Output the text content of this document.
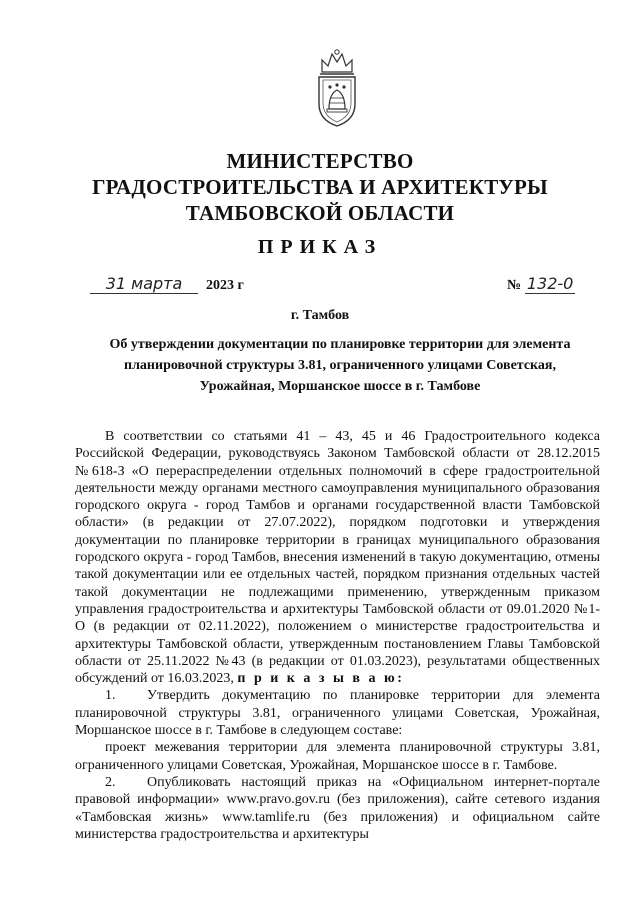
МИНИСТЕРСТВО
ГРАДОСТРОИТЕЛЬСТВА И АРХИТЕКТУРЫ
ТАМБОВСКОЙ ОБЛАСТИ
ПРИКАЗ
31 марта 2023 г	№ 132-0
г. Тамбов
Об утверждении документации по планировке территории для элемента
планировочной структуры 3.81, ограниченного улицами Советская,
Урожайная, Моршанское шоссе в г. Тамбове

В соответствии со статьями 41 – 43, 45 и 46 Градостроительного кодекса Российской Федерации, руководствуясь Законом Тамбовской области от 28.12.2015 №618-З «О перераспределении отдельных полномочий в сфере градостроительной деятельности между органами местного самоуправления муниципального образования городского округа - город Тамбов и органами государственной власти Тамбовской области» (в редакции от 27.07.2022), порядком подготовки и утверждения документации по планировке территории в границах муниципального образования городского округа - город Тамбов, внесения изменений в такую документацию, отмены такой документации или ее отдельных частей, порядком признания отдельных частей такой документации не подлежащими применению, утвержденным приказом управления градостроительства и архитектуры Тамбовской области от 09.01.2020 №1-О (в редакции от 02.11.2022), положением о министерстве градостроительства и архитектуры Тамбовской области, утвержденным постановлением Главы Тамбовской области от 25.11.2022 №43 (в редакции от 01.03.2023), результатами общественных обсуждений от 16.03.2023, п р и к а з ы в а ю:

1. Утвердить документацию по планировке территории для элемента планировочной структуры 3.81, ограниченного улицами Советская, Урожайная, Моршанское шоссе в г. Тамбове в следующем составе:

проект межевания территории для элемента планировочной структуры 3.81, ограниченного улицами Советская, Урожайная, Моршанское шоссе в г. Тамбове.

2. Опубликовать настоящий приказ на «Официальном интернет-портале правовой информации» www.pravo.gov.ru (без приложения), сайте сетевого издания «Тамбовская жизнь» www.tamlife.ru (без приложения) и официальном сайте министерства градостроительства и архитектуры
